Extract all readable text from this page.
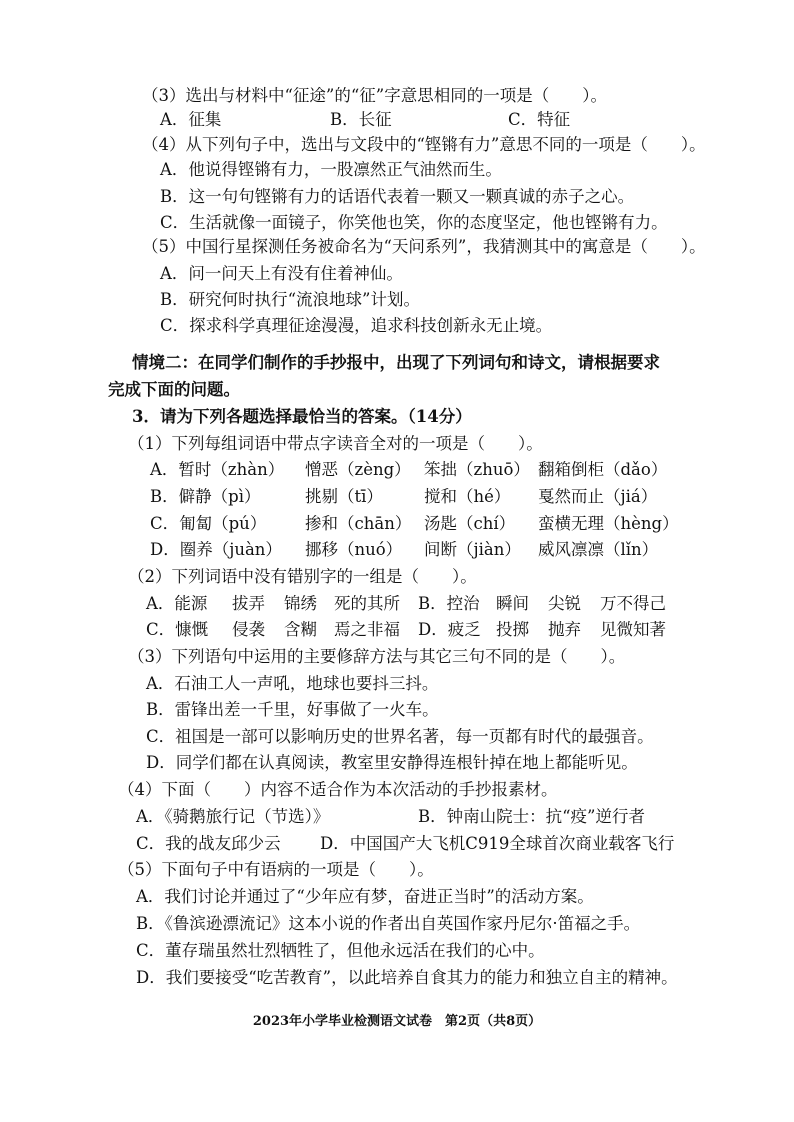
（3）选出与材料中“征途”的“征”字意思相同的一项是（　　）。
A．征集	B．长征	C．特征
（4）从下列句子中，选出与文段中的“铿锵有力”意思不同的一项是（　　）。
A．他说得铿锵有力，一股凛然正气油然而生。
B．这一句句铿锵有力的话语代表着一颗又一颗真诚的赤子之心。
C．生活就像一面镜子，你笑他也笑，你的态度坚定，他也铿锵有力。
（5）中国行星探测任务被命名为“天问系列”，我猜测其中的寓意是（　　）。
A．问一问天上有没有住着神仙。
B．研究何时执行“流浪地球”计划。
C．探求科学真理征途漫漫，追求科技创新永无止境。
情境二：在同学们制作的手抄报中，出现了下列词句和诗文，请根据要求
完成下面的问题。
3．请为下列各题选择最恰当的答案。（14分）
（1）下列每组词语中带点字读音全对的一项是（　　）。
A．暂时（zhàn） 憎恶（zèng） 笨拙（zhuō） 翻箱倒柜（dǎo）
B．僻静（pì）	挑剔（tī） 搅和（hé） 戛然而止（jiá）
C．匍匐（pú） 掺和（chān） 汤匙（chí） 蛮横无理（hèng）
D．圈养（juàn） 挪移（nuó） 间断（jiàn） 威风凛凛（lǐn）
（2）下列词语中没有错别字的一组是（　　）。
A．能源 拔弄 锦绣 死的其所 B．控治 瞬间 尖锐 万不得己
C．慷慨 侵袭 含糊 焉之非福 D．疲乏 投掷 抛弃 见微知著
（3）下列语句中运用的主要修辞方法与其它三句不同的是（　　）。
A．石油工人一声吼，地球也要抖三抖。
B．雷锋出差一千里，好事做了一火车。
C．祖国是一部可以影响历史的世界名著，每一页都有时代的最强音。
D．同学们都在认真阅读，教室里安静得连根针掉在地上都能听见。
（4）下面（　　）内容不适合作为本次活动的手抄报素材。
A．《骑鹅旅行记（节选）》	B．钟南山院士：抗“疫”逆行者
C．我的战友邱少云 D．中国国产大飞机C919全球首次商业载客飞行
（5）下面句子中有语病的一项是（　　）。
A．我们讨论并通过了“少年应有梦，奋进正当时”的活动方案。
B．《鲁滨逊漂流记》这本小说的作者出自英国作家丹尼尔·笛福之手。
C．董存瑞虽然壮烈牺牲了，但他永远活在我们的心中。
D．我们要接受“吃苦教育”，以此培养自食其力的能力和独立自主的精神。
2023年小学毕业检测语文试卷　第2页（共8页）
